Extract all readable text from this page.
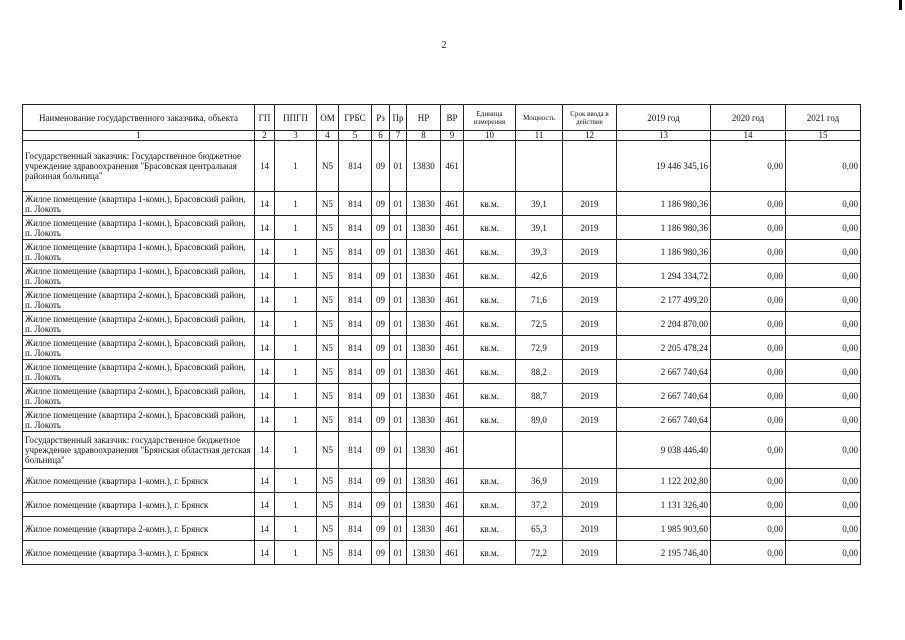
2
Наименование государственного заказчика, объекта	ГП	ППГП	ОМ	ГРБС	Рз	Пр	НР	ВР	Единица измерения	Мощность	Срок ввода в действие	2019 год	2020 год	2021 год
1	2	3	4	5	6	7	8	9	10	11	12	13	14	15
Государственный заказчик: Государственное бюджетное учреждение здравоохранения "Брасовская центральная районная больница"	14	1	N5	814	09	01	13830	461				19 446 345,16	0,00	0,00
Жилое помещение (квартира 1-комн.), Брасовский район, п. Локоть	14	1	N5	814	09	01	13830	461	кв.м.	39,1	2019	1 186 980,36	0,00	0,00
Жилое помещение (квартира 1-комн.), Брасовский район, п. Локоть	14	1	N5	814	09	01	13830	461	кв.м.	39,1	2019	1 186 980,36	0,00	0,00
Жилое помещение (квартира 1-комн.), Брасовский район, п. Локоть	14	1	N5	814	09	01	13830	461	кв.м.	39,3	2019	1 186 980,36	0,00	0,00
Жилое помещение (квартира 1-комн.), Брасовский район, п. Локоть	14	1	N5	814	09	01	13830	461	кв.м.	42,6	2019	1 294 334,72	0,00	0,00
Жилое помещение (квартира 2-комн.), Брасовский район, п. Локоть	14	1	N5	814	09	01	13830	461	кв.м.	71,6	2019	2 177 499,20	0,00	0,00
Жилое помещение (квартира 2-комн.), Брасовский район, п. Локоть	14	1	N5	814	09	01	13830	461	кв.м.	72,5	2019	2 204 870,00	0,00	0,00
Жилое помещение (квартира 2-комн.), Брасовский район, п. Локоть	14	1	N5	814	09	01	13830	461	кв.м.	72,9	2019	2 205 478,24	0,00	0,00
Жилое помещение (квартира 2-комн.), Брасовский район, п. Локоть	14	1	N5	814	09	01	13830	461	кв.м.	88,2	2019	2 667 740,64	0,00	0,00
Жилое помещение (квартира 2-комн.), Брасовский район, п. Локоть	14	1	N5	814	09	01	13830	461	кв.м.	88,7	2019	2 667 740,64	0,00	0,00
Жилое помещение (квартира 2-комн.), Брасовский район, п. Локоть	14	1	N5	814	09	01	13830	461	кв.м.	89,0	2019	2 667 740,64	0,00	0,00
Государственный заказчик: государственное бюджетное учреждение здравоохранения "Брянская областная детская больница"	14	1	N5	814	09	01	13830	461				9 038 446,40	0,00	0,00
Жилое помещение (квартира 1-комн.), г. Брянск	14	1	N5	814	09	01	13830	461	кв.м.	36,9	2019	1 122 202,80	0,00	0,00
Жилое помещение (квартира 1-комн.), г. Брянск	14	1	N5	814	09	01	13830	461	кв.м.	37,2	2019	1 131 326,40	0,00	0,00
Жилое помещение (квартира 2-комн.), г. Брянск	14	1	N5	814	09	01	13830	461	кв.м.	65,3	2019	1 985 903,60	0,00	0,00
Жилое помещение (квартира 3-комн.), г. Брянск	14	1	N5	814	09	01	13830	461	кв.м.	72,2	2019	2 195 746,40	0,00	0,00
